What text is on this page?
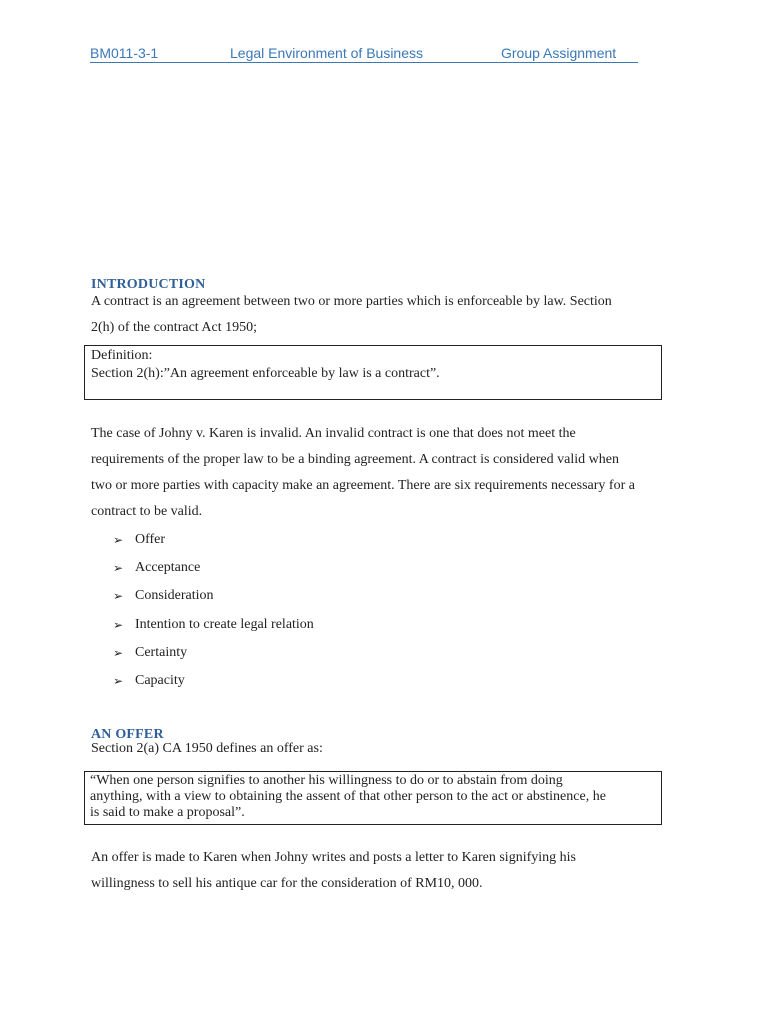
BM011-3-1	Legal Environment of Business	Group Assignment
INTRODUCTION
A contract is an agreement between two or more parties which is enforceable by law. Section
2(h) of the contract Act 1950;
Definition:
Section 2(h):”An agreement enforceable by law is a contract”.
The case of Johny v. Karen is invalid. An invalid contract is one that does not meet the
requirements of the proper law to be a binding agreement. A contract is considered valid when
two or more parties with capacity make an agreement. There are six requirements necessary for a
contract to be valid.
➢ Offer
➢ Acceptance
➢ Consideration
➢ Intention to create legal relation
➢ Certainty
➢ Capacity
AN OFFER
Section 2(a) CA 1950 defines an offer as:
“When one person signifies to another his willingness to do or to abstain from doing
anything, with a view to obtaining the assent of that other person to the act or abstinence, he
is said to make a proposal”.
An offer is made to Karen when Johny writes and posts a letter to Karen signifying his
willingness to sell his antique car for the consideration of RM10, 000.
